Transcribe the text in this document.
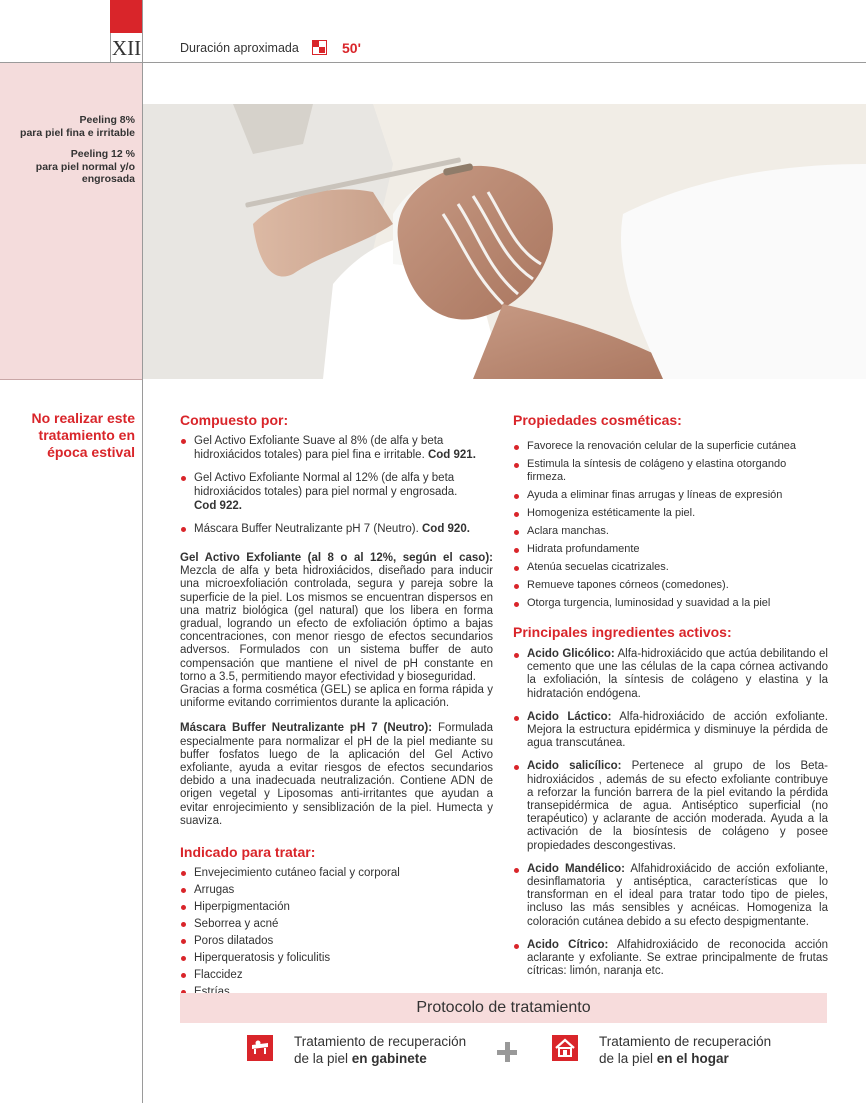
XII	Duración aproximada	50'

Peeling 8%
para piel fina e irritable

Peeling 12 %
para piel normal y/o
engrosada

No realizar este
tratamiento en
época estival
Compuesto por:
Gel Activo Exfoliante Suave al 8% (de alfa y beta hidroxiácidos totales) para piel fina e irritable. Cod 921.
Gel Activo Exfoliante Normal al 12% (de alfa y beta hidroxiácidos totales) para piel normal y engrosada.
Cod 922.
Máscara Buffer Neutralizante pH 7 (Neutro). Cod 920.

Gel Activo Exfoliante (al 8 o al 12%, según el caso): Mezcla de alfa y beta hidroxiácidos, diseñado para inducir una microexfoliación controlada, segura y pareja sobre la superficie de la piel. Los mismos se encuentran dispersos en una matriz biológica (gel natural) que los libera en forma gradual, logrando un efecto de exfoliación óptimo a bajas concentraciones, con menor riesgo de efectos secundarios adversos. Formulados con un sistema buffer de auto compensación que mantiene el nivel de pH constante en torno a 3.5, permitiendo mayor efectividad y bioseguridad.
Gracias a forma cosmética (GEL) se aplica en forma rápida y uniforme evitando corrimientos durante la aplicación.

Máscara Buffer Neutralizante pH 7 (Neutro): Formulada especialmente para normalizar el pH de la piel mediante su buffer fosfatos luego de la aplicación del Gel Activo exfoliante, ayuda a evitar riesgos de efectos secundarios debido a una inadecuada neutralización. Contiene ADN de origen vegetal y Liposomas anti-irritantes que ayudan a evitar enrojecimiento y sensiblización de la piel. Humecta y suaviza.

Indicado para tratar:
Envejecimiento cutáneo facial y corporal
Arrugas
Hiperpigmentación
Seborrea y acné
Poros dilatados
Hiperqueratosis y foliculitis
Flaccidez
Propiedades cosméticas:
Favorece la renovación celular de la superficie cutánea
Estimula la síntesis de colágeno y elastina otorgando firmeza.
Ayuda a eliminar finas arrugas y líneas de expresión
Homogeniza estéticamente la piel.
Aclara manchas.
Hidrata profundamente
Atenúa secuelas cicatrizales.
Remueve tapones córneos (comedones).
Otorga turgencia, luminosidad y suavidad a la piel
Principales ingredientes activos:
Acido Glicólico: Alfa-hidroxiácido que actúa debilitando el cemento que une las células de la capa córnea activando la exfoliación, la síntesis de colágeno y elastina y la hidratación endógena.
Acido Láctico: Alfa-hidroxiácido de acción exfoliante. Mejora la estructura epidérmica y disminuye la pérdida de agua transcutánea.
Acido salicílico: Pertenece al grupo de los Beta-hidroxiácidos , además de su efecto exfoliante contribuye a reforzar la función barrera de la piel evitando la pérdida transepidérmica de agua. Antiséptico superficial (no terapéutico) y aclarante de acción moderada. Ayuda a la activación de la biosíntesis de colágeno y posee propiedades descongestivas.
Acido Mandélico: Alfahidroxiácido de acción exfoliante, desinflamatoria y antiséptica, características que lo transforman en el ideal para tratar todo tipo de pieles, incluso las más sensibles y acnéicas. Homogeniza la coloración cutánea debido a su efecto despigmentante.
Acido Cítrico: Alfahidroxiácido de reconocida acción aclarante y exfoliante. Se extrae principalmente de frutas cítricas: limón, naranja etc.
Protocolo de tratamiento
Tratamiento de recuperación
de la piel en gabinete
Tratamiento de recuperación
de la piel en el hogar
